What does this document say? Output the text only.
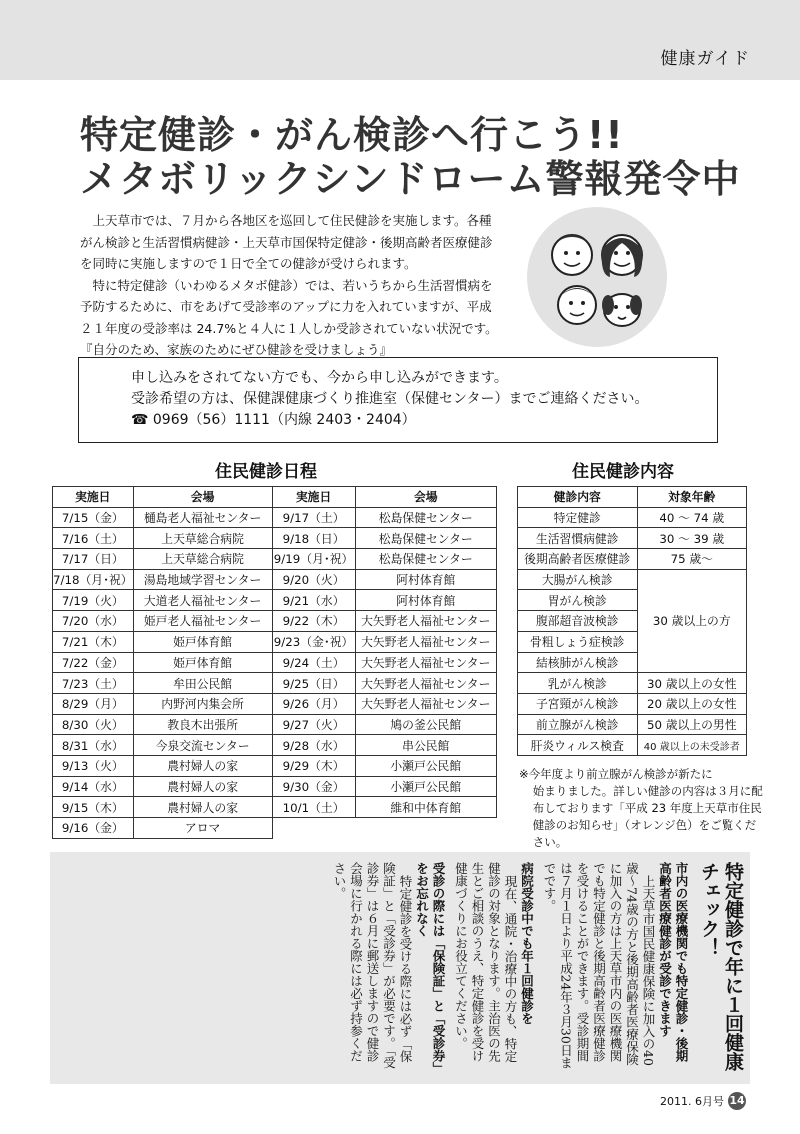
健康ガイド
特定健診・がん検診へ行こう!!
メタボリックシンドローム警報発令中

上天草市では、７月から各地区を巡回して住民健診を実施します。各種がん検診と生活習慣病健診・上天草市国保特定健診・後期高齢者医療健診を同時に実施しますので１日で全ての健診が受けられます。

特に特定健診（いわゆるメタボ健診）では、若いうちから生活習慣病を予防するために、市をあげて受診率のアップに力を入れていますが、平成２１年度の受診率は 24.7%と４人に１人しか受診されていない状況です。『自分のため、家族のためにぜひ健診を受けましょう』

申し込みをされてない方でも、今から申し込みができます。
受診希望の方は、保健課健康づくり推進室（保健センター）までご連絡ください。
☎ 0969（56）1111（内線 2403・2404）
住民健診日程	住民健診内容
実施日	会場	実施日	会場
7/15（金）	樋島老人福祉センター	9/17（土）	松島保健センター
7/16（土）	上天草総合病院	9/18（日）	松島保健センター
7/17（日）	上天草総合病院	9/19（月･祝）	松島保健センター
7/18（月･祝）	湯島地域学習センター	9/20（火）	阿村体育館
7/19（火）	大道老人福祉センター	9/21（水）	阿村体育館
7/20（水）	姫戸老人福祉センター	9/22（木）	大矢野老人福祉センター
7/21（木）	姫戸体育館	9/23（金･祝）	大矢野老人福祉センター
7/22（金）	姫戸体育館	9/24（土）	大矢野老人福祉センター
7/23（土）	牟田公民館	9/25（日）	大矢野老人福祉センター
8/29（月）	内野河内集会所	9/26（月）	大矢野老人福祉センター
8/30（火）	教良木出張所	9/27（火）	鳩の釜公民館
8/31（水）	今泉交流センター	9/28（水）	串公民館
9/13（火）	農村婦人の家	9/29（木）	小瀬戸公民館
9/14（水）	農村婦人の家	9/30（金）	小瀬戸公民館
9/15（木）	農村婦人の家	10/1（土）	維和中体育館
9/16（金）	アロマ		
健診内容	対象年齢
特定健診	40 ～ 74 歳
生活習慣病健診	30 ～ 39 歳
後期高齢者医療健診	75 歳～
大腸がん検診	30 歳以上の方
胃がん検診	
腹部超音波検診	
骨粗しょう症検診	
結核肺がん検診	
乳がん検診	30 歳以上の女性
子宮頸がん検診	20 歳以上の女性
前立腺がん検診	50 歳以上の男性
肝炎ウィルス検査	40 歳以上の未受診者
※今年度より前立腺がん検診が新たに
始まりました。詳しい健診の内容は３月に配布しております「平成 23 年度上天草市住民健診のお知らせ」（オレンジ色）をご覧ください。

特定健診で年に１回健康チェック！

市内の医療機関でも特定健診・後期高齢者医療健診が受診できます

上天草市国民健康保険に加入の40歳～74歳の方と後期高齢者医療保険に加入の方は上天草市内の医療機関でも特定健診と後期高齢者医療健診を受けることができます。受診期間は７月１日より平成24年３月30日までです。

病院受診中でも年１回健診を

現在、通院・治療中の方も、特定健診の対象となります。主治医の先生とご相談のうえ、特定健診を受け健康づくりにお役立てください。

受診の際には「保険証」と「受診券」をお忘れなく

特定健診を受ける際には必ず「保険証」と「受診券」が必要です。「受診券」は６月に郵送しますので健診会場に行かれる際には必ず持参ください。

2011. 6月号 14
